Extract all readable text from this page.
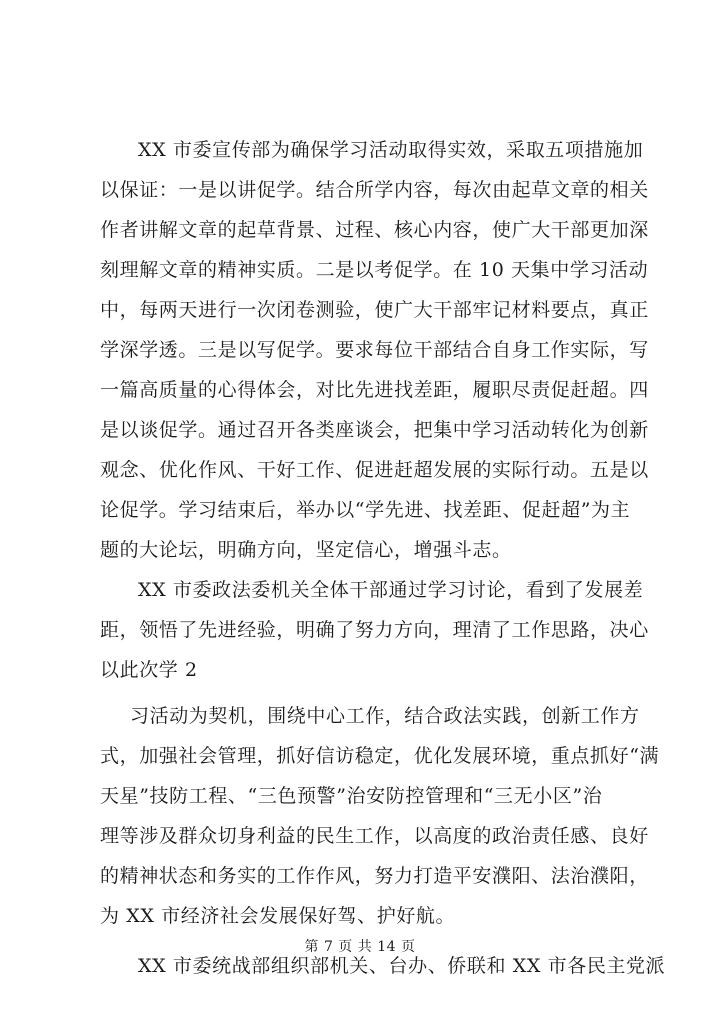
XX 市委宣传部为确保学习活动取得实效，采取五项措施加
以保证：一是以讲促学。结合所学内容，每次由起草文章的相关
作者讲解文章的起草背景、过程、核心内容，使广大干部更加深
刻理解文章的精神实质。二是以考促学。在 10 天集中学习活动
中，每两天进行一次闭卷测验，使广大干部牢记材料要点，真正
学深学透。三是以写促学。要求每位干部结合自身工作实际，写
一篇高质量的心得体会，对比先进找差距，履职尽责促赶超。四
是以谈促学。通过召开各类座谈会，把集中学习活动转化为创新
观念、优化作风、干好工作、促进赶超发展的实际行动。五是以
论促学。学习结束后，举办以“学先进、找差距、促赶超”为主
题的大论坛，明确方向，坚定信心，增强斗志。
XX 市委政法委机关全体干部通过学习讨论，看到了发展差
距，领悟了先进经验，明确了努力方向，理清了工作思路，决心
以此次学 2
习活动为契机，围绕中心工作，结合政法实践，创新工作方
式，加强社会管理，抓好信访稳定，优化发展环境，重点抓好“满
天星”技防工程、“三色预警”治安防控管理和“三无小区”治
理等涉及群众切身利益的民生工作，以高度的政治责任感、良好
的精神状态和务实的工作作风，努力打造平安濮阳、法治濮阳，
为 XX 市经济社会发展保好驾、护好航。
XX 市委统战部组织部机关、台办、侨联和 XX 市各民主党派
第 7 页 共 14 页
